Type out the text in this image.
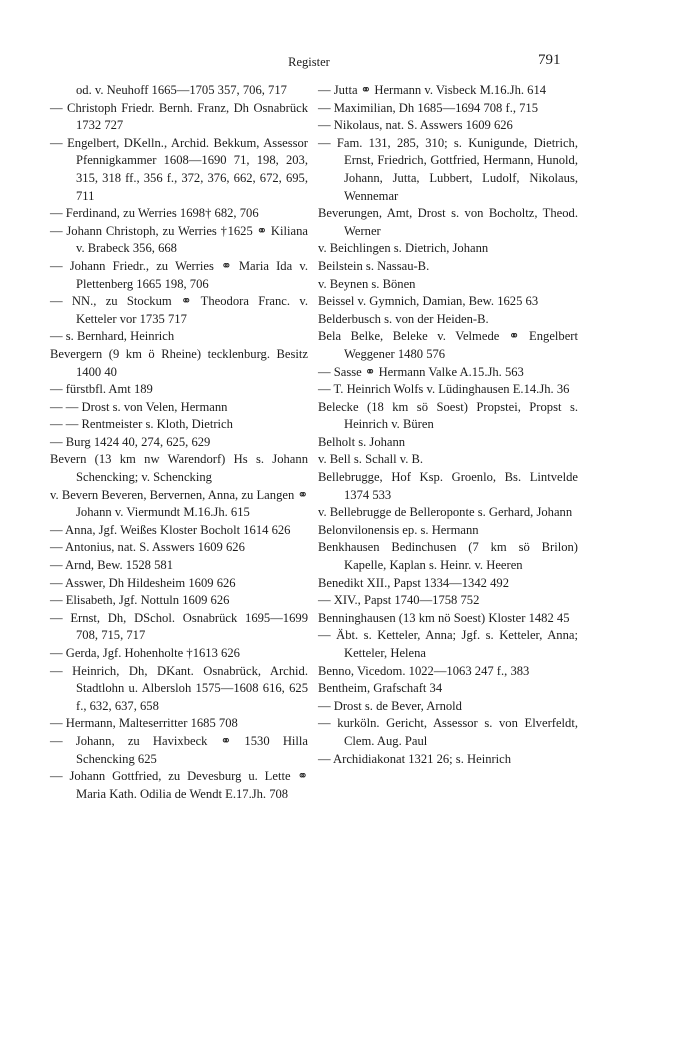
Register	791
od. v. Neuhoff 1665—1705 357, 706, 717
— Christoph Friedr. Bernh. Franz, Dh Osnabrück 1732 727
— Engelbert, DKelln., Archid. Bekkum, Assessor Pfennigkammer 1608—1690 71, 198, 203, 315, 318 ff., 356 f., 372, 376, 662, 672, 695, 711
— Ferdinand, zu Werries 1698† 682, 706
— Johann Christoph, zu Werries †1625 ⚭ Kiliana v. Brabeck 356, 668
— Johann Friedr., zu Werries ⚭ Maria Ida v. Plettenberg 1665 198, 706
— NN., zu Stockum ⚭ Theodora Franc. v. Ketteler vor 1735 717
— s. Bernhard, Heinrich
Bevergern (9 km ö Rheine) tecklenburg. Besitz 1400 40
— fürstbfl. Amt 189
— — Drost s. von Velen, Hermann
— — Rentmeister s. Kloth, Dietrich
— Burg 1424 40, 274, 625, 629
Bevern (13 km nw Warendorf) Hs s. Johann Schencking; v. Schencking
v. Bevern Beveren, Bervernen, Anna, zu Langen ⚭ Johann v. Viermundt M.16.Jh. 615
— Anna, Jgf. Weißes Kloster Bocholt 1614 626
— Antonius, nat. S. Asswers 1609 626
— Arnd, Bew. 1528 581
— Asswer, Dh Hildesheim 1609 626
— Elisabeth, Jgf. Nottuln 1609 626
— Ernst, Dh, DSchol. Osnabrück 1695—1699 708, 715, 717
— Gerda, Jgf. Hohenholte †1613 626
— Heinrich, Dh, DKant. Osnabrück, Archid. Stadtlohn u. Albersloh 1575—1608 616, 625 f., 632, 637, 658
— Hermann, Malteserritter 1685 708
— Johann, zu Havixbeck ⚭ 1530 Hilla Schencking 625
— Johann Gottfried, zu Devesburg u. Lette ⚭ Maria Kath. Odilia de Wendt E.17.Jh. 708
— Jutta ⚭ Hermann v. Visbeck M.16.Jh. 614
— Maximilian, Dh 1685—1694 708 f., 715
— Nikolaus, nat. S. Asswers 1609 626
— Fam. 131, 285, 310; s. Kunigunde, Dietrich, Ernst, Friedrich, Gottfried, Hermann, Hunold, Johann, Jutta, Lubbert, Ludolf, Nikolaus, Wennemar
Beverungen, Amt, Drost s. von Bocholtz, Theod. Werner
v. Beichlingen s. Dietrich, Johann
Beilstein s. Nassau-B.
v. Beynen s. Bönen
Beissel v. Gymnich, Damian, Bew. 1625 63
Belderbusch s. von der Heiden-B.
Bela Belke, Beleke v. Velmede ⚭ Engelbert Weggener 1480 576
— Sasse ⚭ Hermann Valke A.15.Jh. 563
— T. Heinrich Wolfs v. Lüdinghausen E.14.Jh. 36
Belecke (18 km sö Soest) Propstei, Propst s. Heinrich v. Büren
Belholt s. Johann
v. Bell s. Schall v. B.
Bellebrugge, Hof Ksp. Groenlo, Bs. Lintvelde 1374 533
v. Bellebrugge de Belleroponte s. Gerhard, Johann
Belonvilonensis ep. s. Hermann
Benkhausen Bedinchusen (7 km sö Brilon) Kapelle, Kaplan s. Heinr. v. Heeren
Benedikt XII., Papst 1334—1342 492
— XIV., Papst 1740—1758 752
Benninghausen (13 km nö Soest) Kloster 1482 45
— Äbt. s. Ketteler, Anna; Jgf. s. Ketteler, Anna; Ketteler, Helena
Benno, Vicedom. 1022—1063 247 f., 383
Bentheim, Grafschaft 34
— Drost s. de Bever, Arnold
— kurköln. Gericht, Assessor s. von Elverfeldt, Clem. Aug. Paul
— Archidiakonat 1321 26; s. Heinrich
